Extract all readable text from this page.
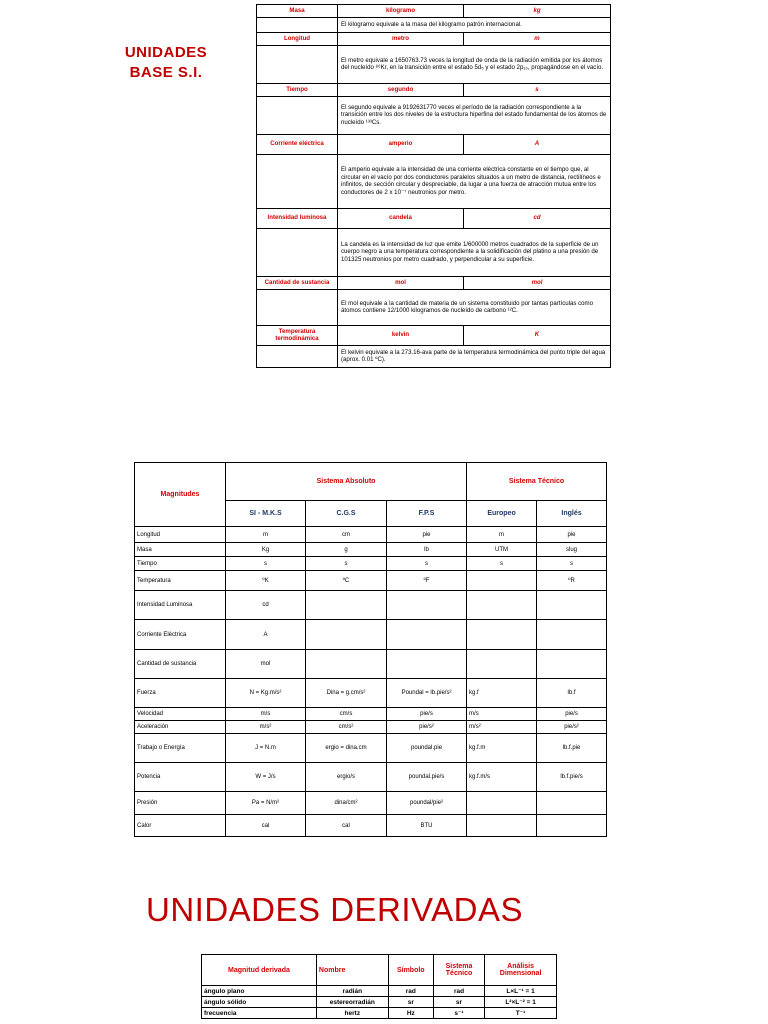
UNIDADES
BASE S.I.
Masa	kilogramo	kg
	El kilogramo equivale a la masa del kilogramo patrón internacional.	
Longitud	metro	m
	El metro equivale a 1650763.73 veces la longitud de onda de la radiación emitida por los átomos del nucleído ⁸⁶Kr, en la transición entre el estado 5d₅ y el estado 2p₁₀, propagándose en el vacío.	
Tiempo	segundo	s
	El segundo equivale a 9192631770 veces el período de la radiación correspondiente a la transición entre los dos niveles de la estructura hiperfina del estado fundamental de los átomos de nucleído ¹³³Cs.	
Corriente eléctrica	amperio	A
	El amperio equivale a la intensidad de una corriente eléctrica constante en el tiempo que, al circular en el vacío por dos conductores paralelos situados a un metro de distancia, rectilíneos e infinitos, de sección circular y despreciable, da lugar a una fuerza de atracción mutua entre los conductores de 2 x 10⁻⁷ neutronios por metro.	
Intensidad luminosa	candela	cd
	La candela es la intensidad de luz que emite 1/600000 metros cuadrados de la superficie de un cuerpo negro a una temperatura correspondiente a la solidificación del platino a una presión de 101325 neutronios por metro cuadrado, y perpendicular a su superficie.	
Cantidad de sustancia	mol	mol
	El mol equivale a la cantidad de materia de un sistema constituido por tantas partículas como átomos contiene 12/1000 kilogramos de nucleído de carbono ¹²C.	
Temperatura termodinámica	kelvin	K
	El kelvin equivale a la 273.16-ava parte de la temperatura termodinámica del punto triple del agua (aprox. 0.01 ºC).	
Magnitudes	Sistema Absoluto			Sistema Técnico	
	SI - M.K.S	C.G.S	F.P.S	Europeo	Inglés
Longitud	m	cm	pie	m	pie
Masa	Kg	g	lb	UTM	slug
Tiempo	s	s	s	s	s
Temperatura	ºK	ºC	ºF		ºR
Intensidad Luminosa	cd				
Corriente Eléctrica	A				
Cantidad de sustancia	mol				
Fuerza	N = Kg.m/s²	Dina = g.cm/s²	Poundal = lb.pie/s²	kg.f	lb.f
Velocidad	m/s	cm/s	pie/s	m/s	pie/s
Aceleración	m/s²	cm/s²	pie/s²	m/s²	pie/s²
Trabajo o Energía	J = N.m	ergio = dina.cm	poundal.pie	kg.f.m	lb.f.pie
Potencia	W = J/s	ergio/s	poundal.pie/s	kg.f.m/s	lb.f.pie/s
Presión	Pa = N/m²	dina/cm²	poundal/pie²		
Calor	cal	cal	BTU		
UNIDADES DERIVADAS
Magnitud derivada	Nombre	Símbolo	Sistema Técnico	Análisis Dimensional
ángulo plano	radián	rad	rad	L×L⁻¹ = 1
ángulo sólido	estereorradián	sr	sr	L²×L⁻² = 1
frecuencia	hertz	Hz	s⁻¹	T⁻¹
